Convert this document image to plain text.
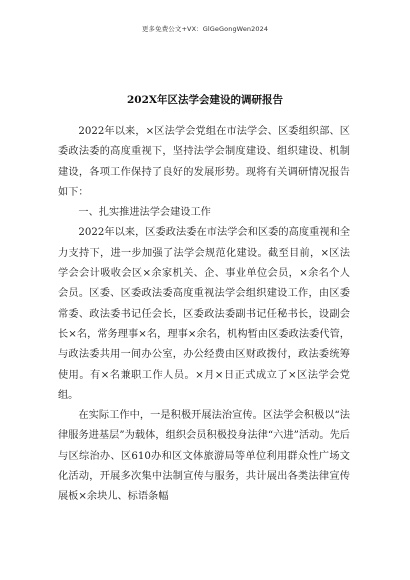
更多免费公文+VX：GlGeGongWen2024
202X年区法学会建设的调研报告

2022年以来，×区法学会党组在市法学会、区委组织部、区委政法委的高度重视下，坚持法学会制度建设、组织建设、机制建设，各项工作保持了良好的发展形势。现将有关调研情况报告如下：

一、扎实推进法学会建设工作

2022年以来，区委政法委在市法学会和区委的高度重视和全力支持下，进一步加强了法学会规范化建设。截至目前，×区法学会会计吸收会区×余家机关、企、事业单位会员，×余名个人会员。区委、区委政法委高度重视法学会组织建设工作，由区委常委、政法委书记任会长，区委政法委副书记任秘书长，设副会长×名，常务理事×名，理事×余名，机构暂由区委政法委代管，与政法委共用一间办公室，办公经费由区财政拨付，政法委统筹使用。有×名兼职工作人员。×月×日正式成立了×区法学会党组。

在实际工作中，一是积极开展法治宣传。区法学会积极以“法律服务进基层”为载体，组织会员积极投身法律“六进”活动。先后与区综治办、区610办和区文体旅游局等单位利用群众性广场文化活动，开展多次集中法制宣传与服务，共计展出各类法律宣传展板×余块儿、标语条幅
